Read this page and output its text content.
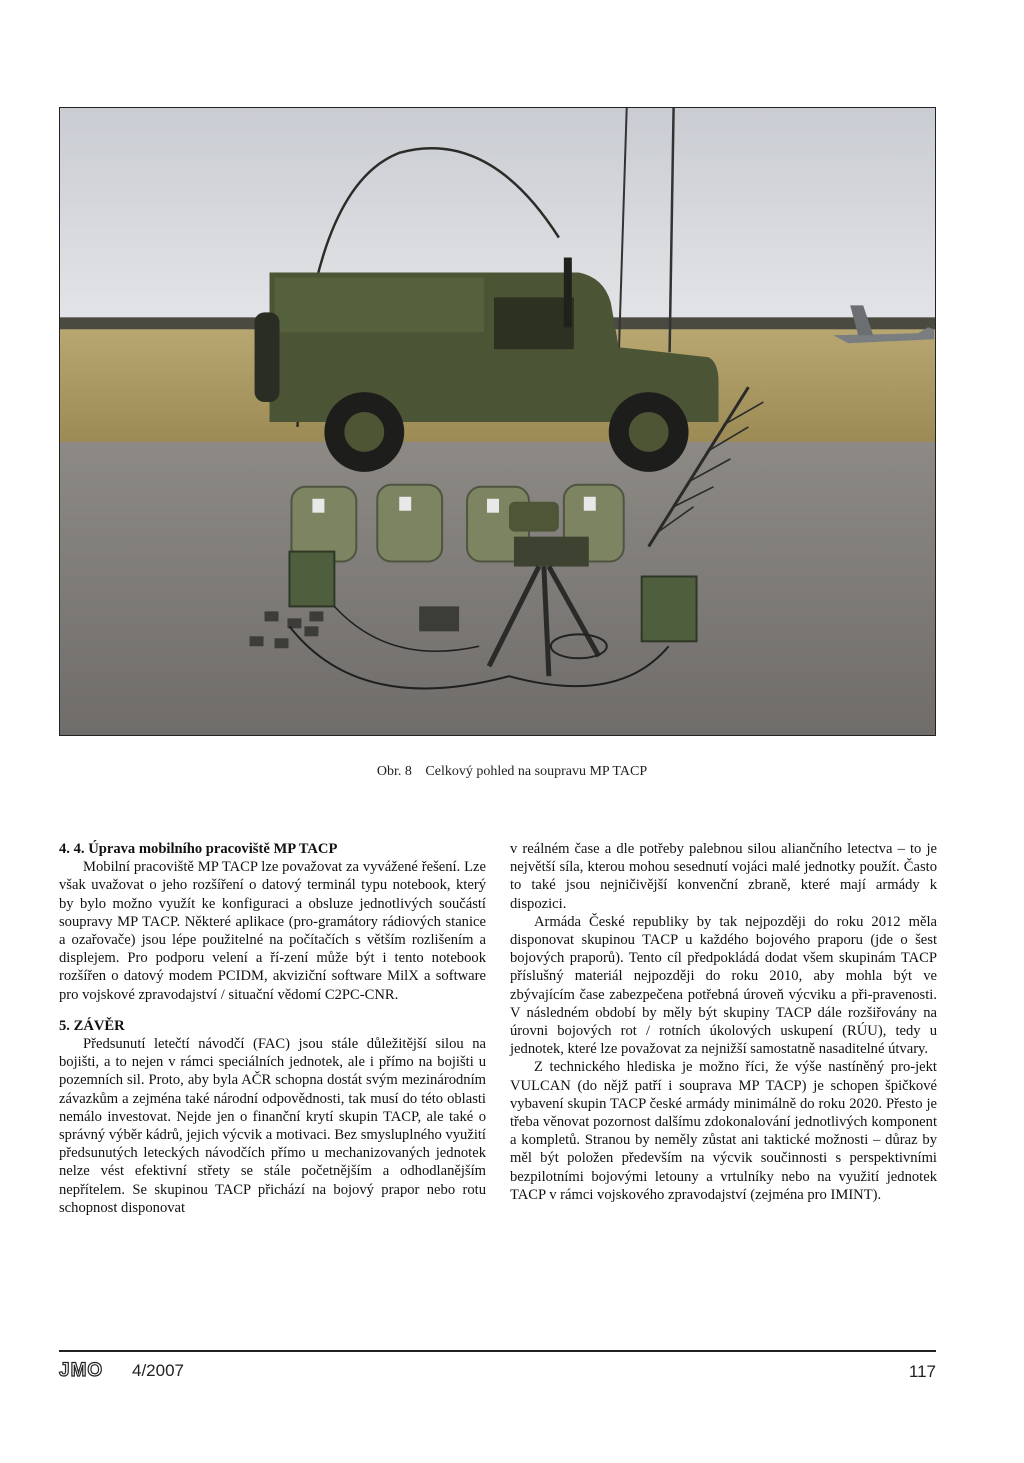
Obr. 8 Celkový pohled na soupravu MP TACP
4. 4. Úprava mobilního pracoviště MP TACP

Mobilní pracoviště MP TACP lze považovat za vyvážené řešení. Lze však uvažovat o jeho rozšíření o datový terminál typu notebook, který by bylo možno využít ke konfiguraci a obsluze jednotlivých součástí soupravy MP TACP. Některé aplikace (pro-gramátory rádiových stanice a ozařovače) jsou lépe použitelné na počítačích s větším rozlišením a displejem. Pro podporu velení a ří-zení může být i tento notebook rozšířen o datový modem PCIDM, akviziční software MilX a software pro vojskové zpravodajství / situační vědomí C2PC-CNR.

5. ZÁVĚR

Předsunutí letečtí návodčí (FAC) jsou stále důležitější silou na bojišti, a to nejen v rámci speciálních jednotek, ale i přímo na bojišti u pozemních sil. Proto, aby byla AČR schopna dostát svým mezinárodním závazkům a zejména také národní odpovědnosti, tak musí do této oblasti nemálo investovat. Nejde jen o finanční krytí skupin TACP, ale také o správný výběr kádrů, jejich výcvik a motivaci. Bez smysluplného využití předsunutých leteckých návodčích přímo u mechanizovaných jednotek nelze vést efektivní střety se stále početnějším a odhodlanějším nepřítelem. Se skupinou TACP přichází na bojový prapor nebo rotu schopnost disponovat

v reálném čase a dle potřeby palebnou silou aliančního letectva – to je největší síla, kterou mohou sesednutí vojáci malé jednotky použít. Často to také jsou nejničivější konvenční zbraně, které mají armády k dispozici.

Armáda České republiky by tak nejpozději do roku 2012 měla disponovat skupinou TACP u každého bojového praporu (jde o šest bojových praporů). Tento cíl předpokládá dodat všem skupinám TACP příslušný materiál nejpozději do roku 2010, aby mohla být ve zbývajícím čase zabezpečena potřebná úroveň výcviku a při-pravenosti. V následném období by měly být skupiny TACP dále rozšiřovány na úrovni bojových rot / rotních úkolových uskupení (RÚU), tedy u jednotek, které lze považovat za nejnižší samostatně nasaditelné útvary.

Z technického hlediska je možno říci, že výše nastíněný pro-jekt VULCAN (do nějž patří i souprava MP TACP) je schopen špičkové vybavení skupin TACP české armády minimálně do roku 2020. Přesto je třeba věnovat pozornost dalšímu zdokonalování jednotlivých komponent a kompletů. Stranou by neměly zůstat ani taktické možnosti – důraz by měl být položen především na výcvik součinnosti s perspektivními bezpilotními bojovými letouny a vrtulníky nebo na využití jednotek TACP v rámci vojskového zpravodajství (zejména pro IMINT).

JMO 4/2007	117
